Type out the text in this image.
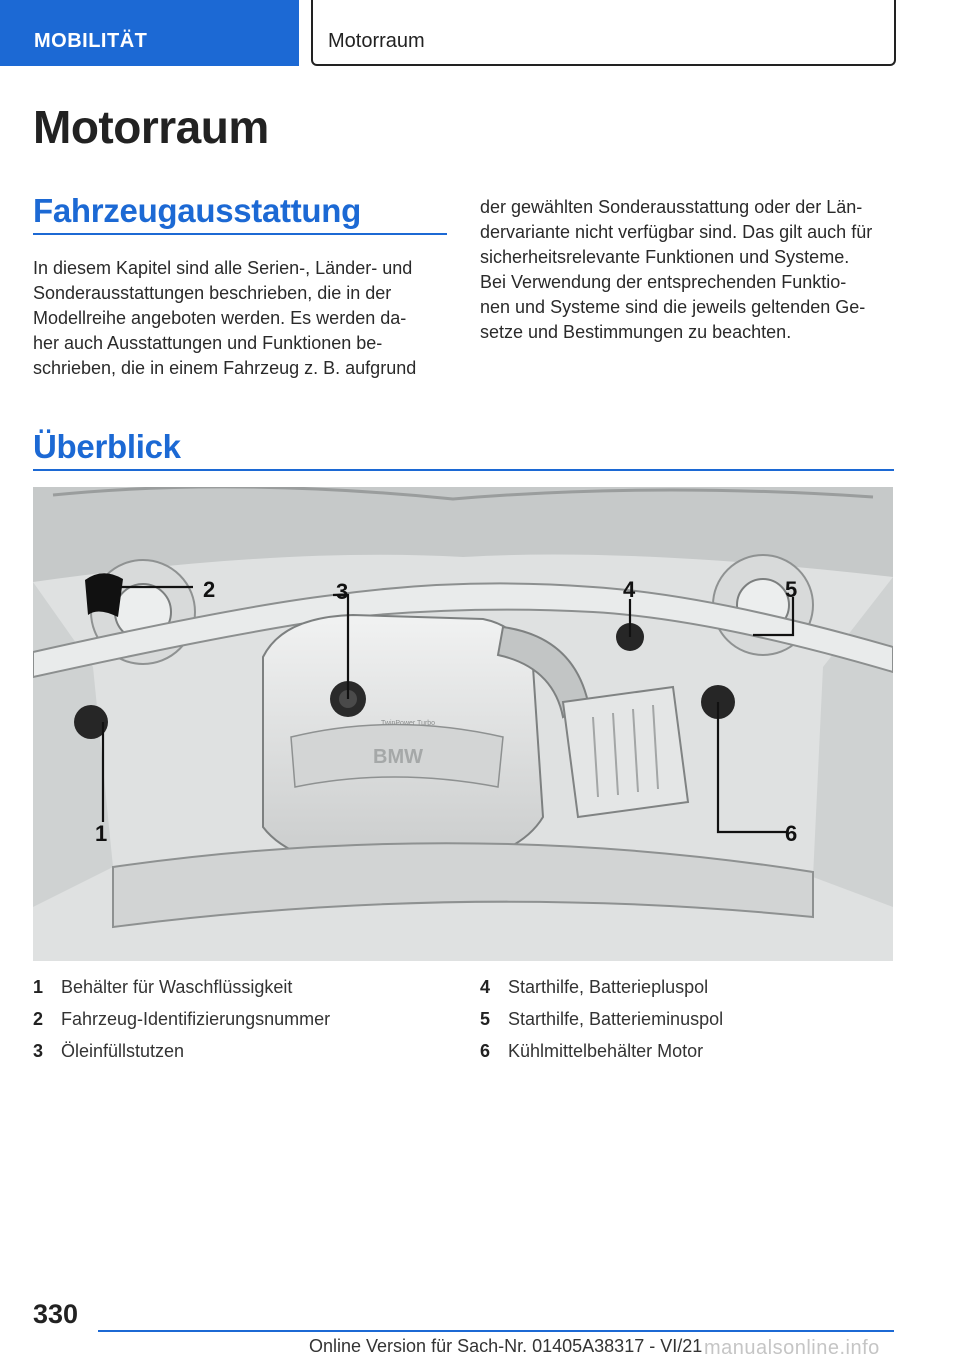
MOBILITÄT	Motorraum
Motorraum
Fahrzeugausstattung
In diesem Kapitel sind alle Serien-, Länder- und
Sonderausstattungen beschrieben, die in der
Modellreihe angeboten werden. Es werden da-
her auch Ausstattungen und Funktionen be-
schrieben, die in einem Fahrzeug z. B. aufgrund
der gewählten Sonderausstattung oder der Län-
dervariante nicht verfügbar sind. Das gilt auch für
sicherheitsrelevante Funktionen und Systeme.
Bei Verwendung der entsprechenden Funktio-
nen und Systeme sind die jeweils geltenden Ge-
setze und Bestimmungen zu beachten.
Überblick
BMW
TwinPower Turbo
1
2	3	4	5
6
1 Behälter für Waschflüssigkeit
2 Fahrzeug-Identifizierungsnummer
3 Öleinfüllstutzen
4 Starthilfe, Batteriepluspol
5 Starthilfe, Batterieminuspol
6 Kühlmittelbehälter Motor
330
Online Version für Sach-Nr. 01405A38317 - VI/21 manualsonline.info
